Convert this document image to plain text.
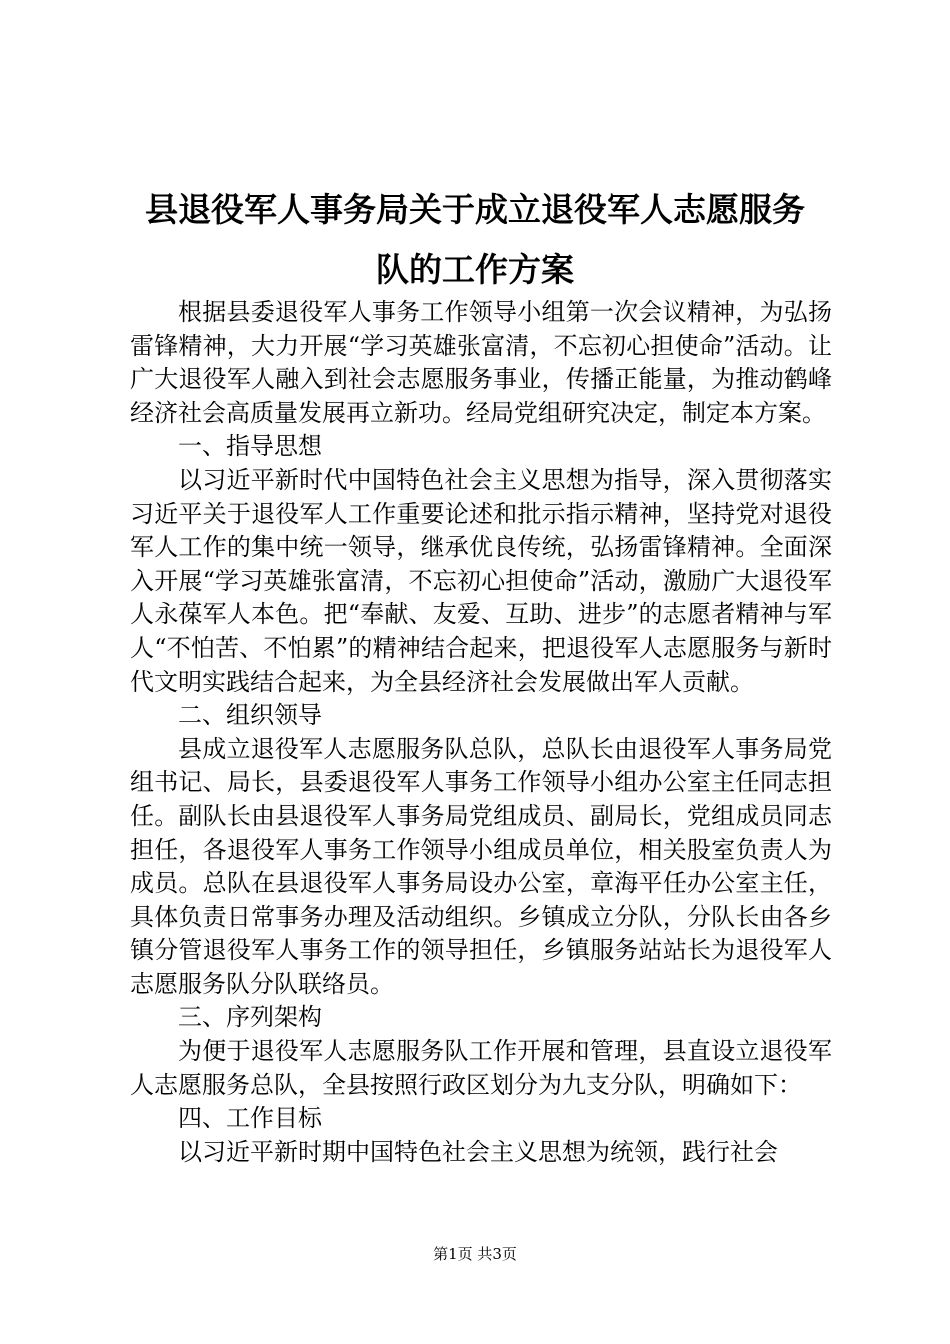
县退役军人事务局关于成立退役军人志愿服务
队的工作方案

根据县委退役军人事务工作领导小组第一次会议精神，为弘扬雷锋精神，大力开展“学习英雄张富清，不忘初心担使命”活动。让广大退役军人融入到社会志愿服务事业，传播正能量，为推动鹤峰经济社会高质量发展再立新功。经局党组研究决定，制定本方案。

一、指导思想

以习近平新时代中国特色社会主义思想为指导，深入贯彻落实习近平关于退役军人工作重要论述和批示指示精神，坚持党对退役军人工作的集中统一领导，继承优良传统，弘扬雷锋精神。全面深入开展“学习英雄张富清，不忘初心担使命”活动，激励广大退役军人永葆军人本色。把“奉献、友爱、互助、进步”的志愿者精神与军人“不怕苦、不怕累”的精神结合起来，把退役军人志愿服务与新时代文明实践结合起来，为全县经济社会发展做出军人贡献。

二、组织领导

县成立退役军人志愿服务队总队，总队长由退役军人事务局党组书记、局长，县委退役军人事务工作领导小组办公室主任同志担任。副队长由县退役军人事务局党组成员、副局长，党组成员同志担任，各退役军人事务工作领导小组成员单位，相关股室负责人为成员。总队在县退役军人事务局设办公室，章海平任办公室主任，具体负责日常事务办理及活动组织。乡镇成立分队，分队长由各乡镇分管退役军人事务工作的领导担任，乡镇服务站站长为退役军人志愿服务队分队联络员。

三、序列架构

为便于退役军人志愿服务队工作开展和管理，县直设立退役军人志愿服务总队，全县按照行政区划分为九支分队，明确如下：

四、工作目标

以习近平新时期中国特色社会主义思想为统领，践行社会

第1页 共3页
